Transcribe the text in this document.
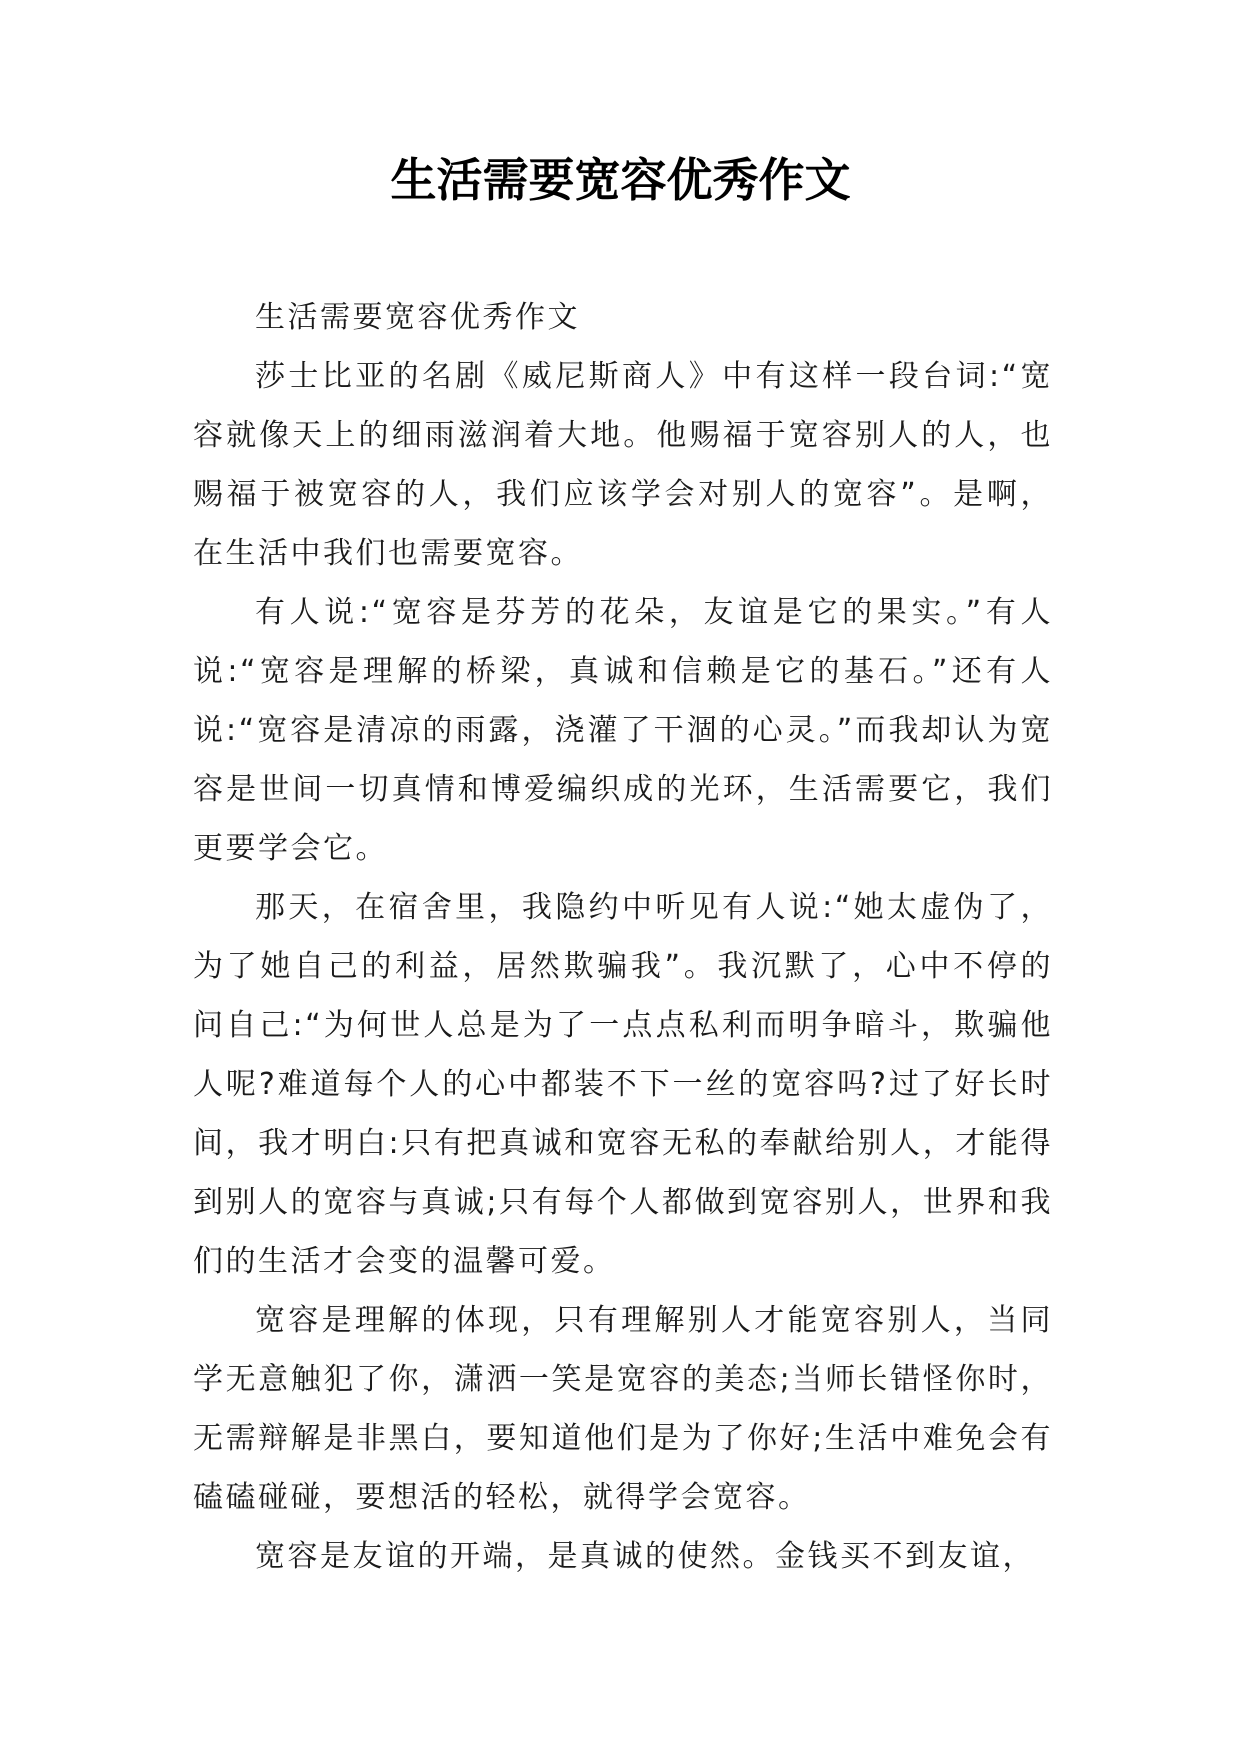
生活需要宽容优秀作文

生活需要宽容优秀作文

莎士比亚的名剧《威尼斯商人》中有这样一段台词:“宽容就像天上的细雨滋润着大地。他赐福于宽容别人的人，也赐福于被宽容的人，我们应该学会对别人的宽容”。是啊，在生活中我们也需要宽容。

有人说:“宽容是芬芳的花朵，友谊是它的果实。”有人说:“宽容是理解的桥梁，真诚和信赖是它的基石。”还有人说:“宽容是清凉的雨露，浇灌了干涸的心灵。”而我却认为宽容是世间一切真情和博爱编织成的光环，生活需要它，我们更要学会它。

那天，在宿舍里，我隐约中听见有人说:“她太虚伪了，为了她自己的利益，居然欺骗我”。我沉默了，心中不停的问自己:“为何世人总是为了一点点私利而明争暗斗，欺骗他人呢?难道每个人的心中都装不下一丝的宽容吗?过了好长时间，我才明白:只有把真诚和宽容无私的奉献给别人，才能得到别人的宽容与真诚;只有每个人都做到宽容别人，世界和我们的生活才会变的温馨可爱。

宽容是理解的体现，只有理解别人才能宽容别人，当同学无意触犯了你，潇洒一笑是宽容的美态;当师长错怪你时，无需辩解是非黑白，要知道他们是为了你好;生活中难免会有磕磕碰碰，要想活的轻松，就得学会宽容。

宽容是友谊的开端，是真诚的使然。金钱买不到友谊，
